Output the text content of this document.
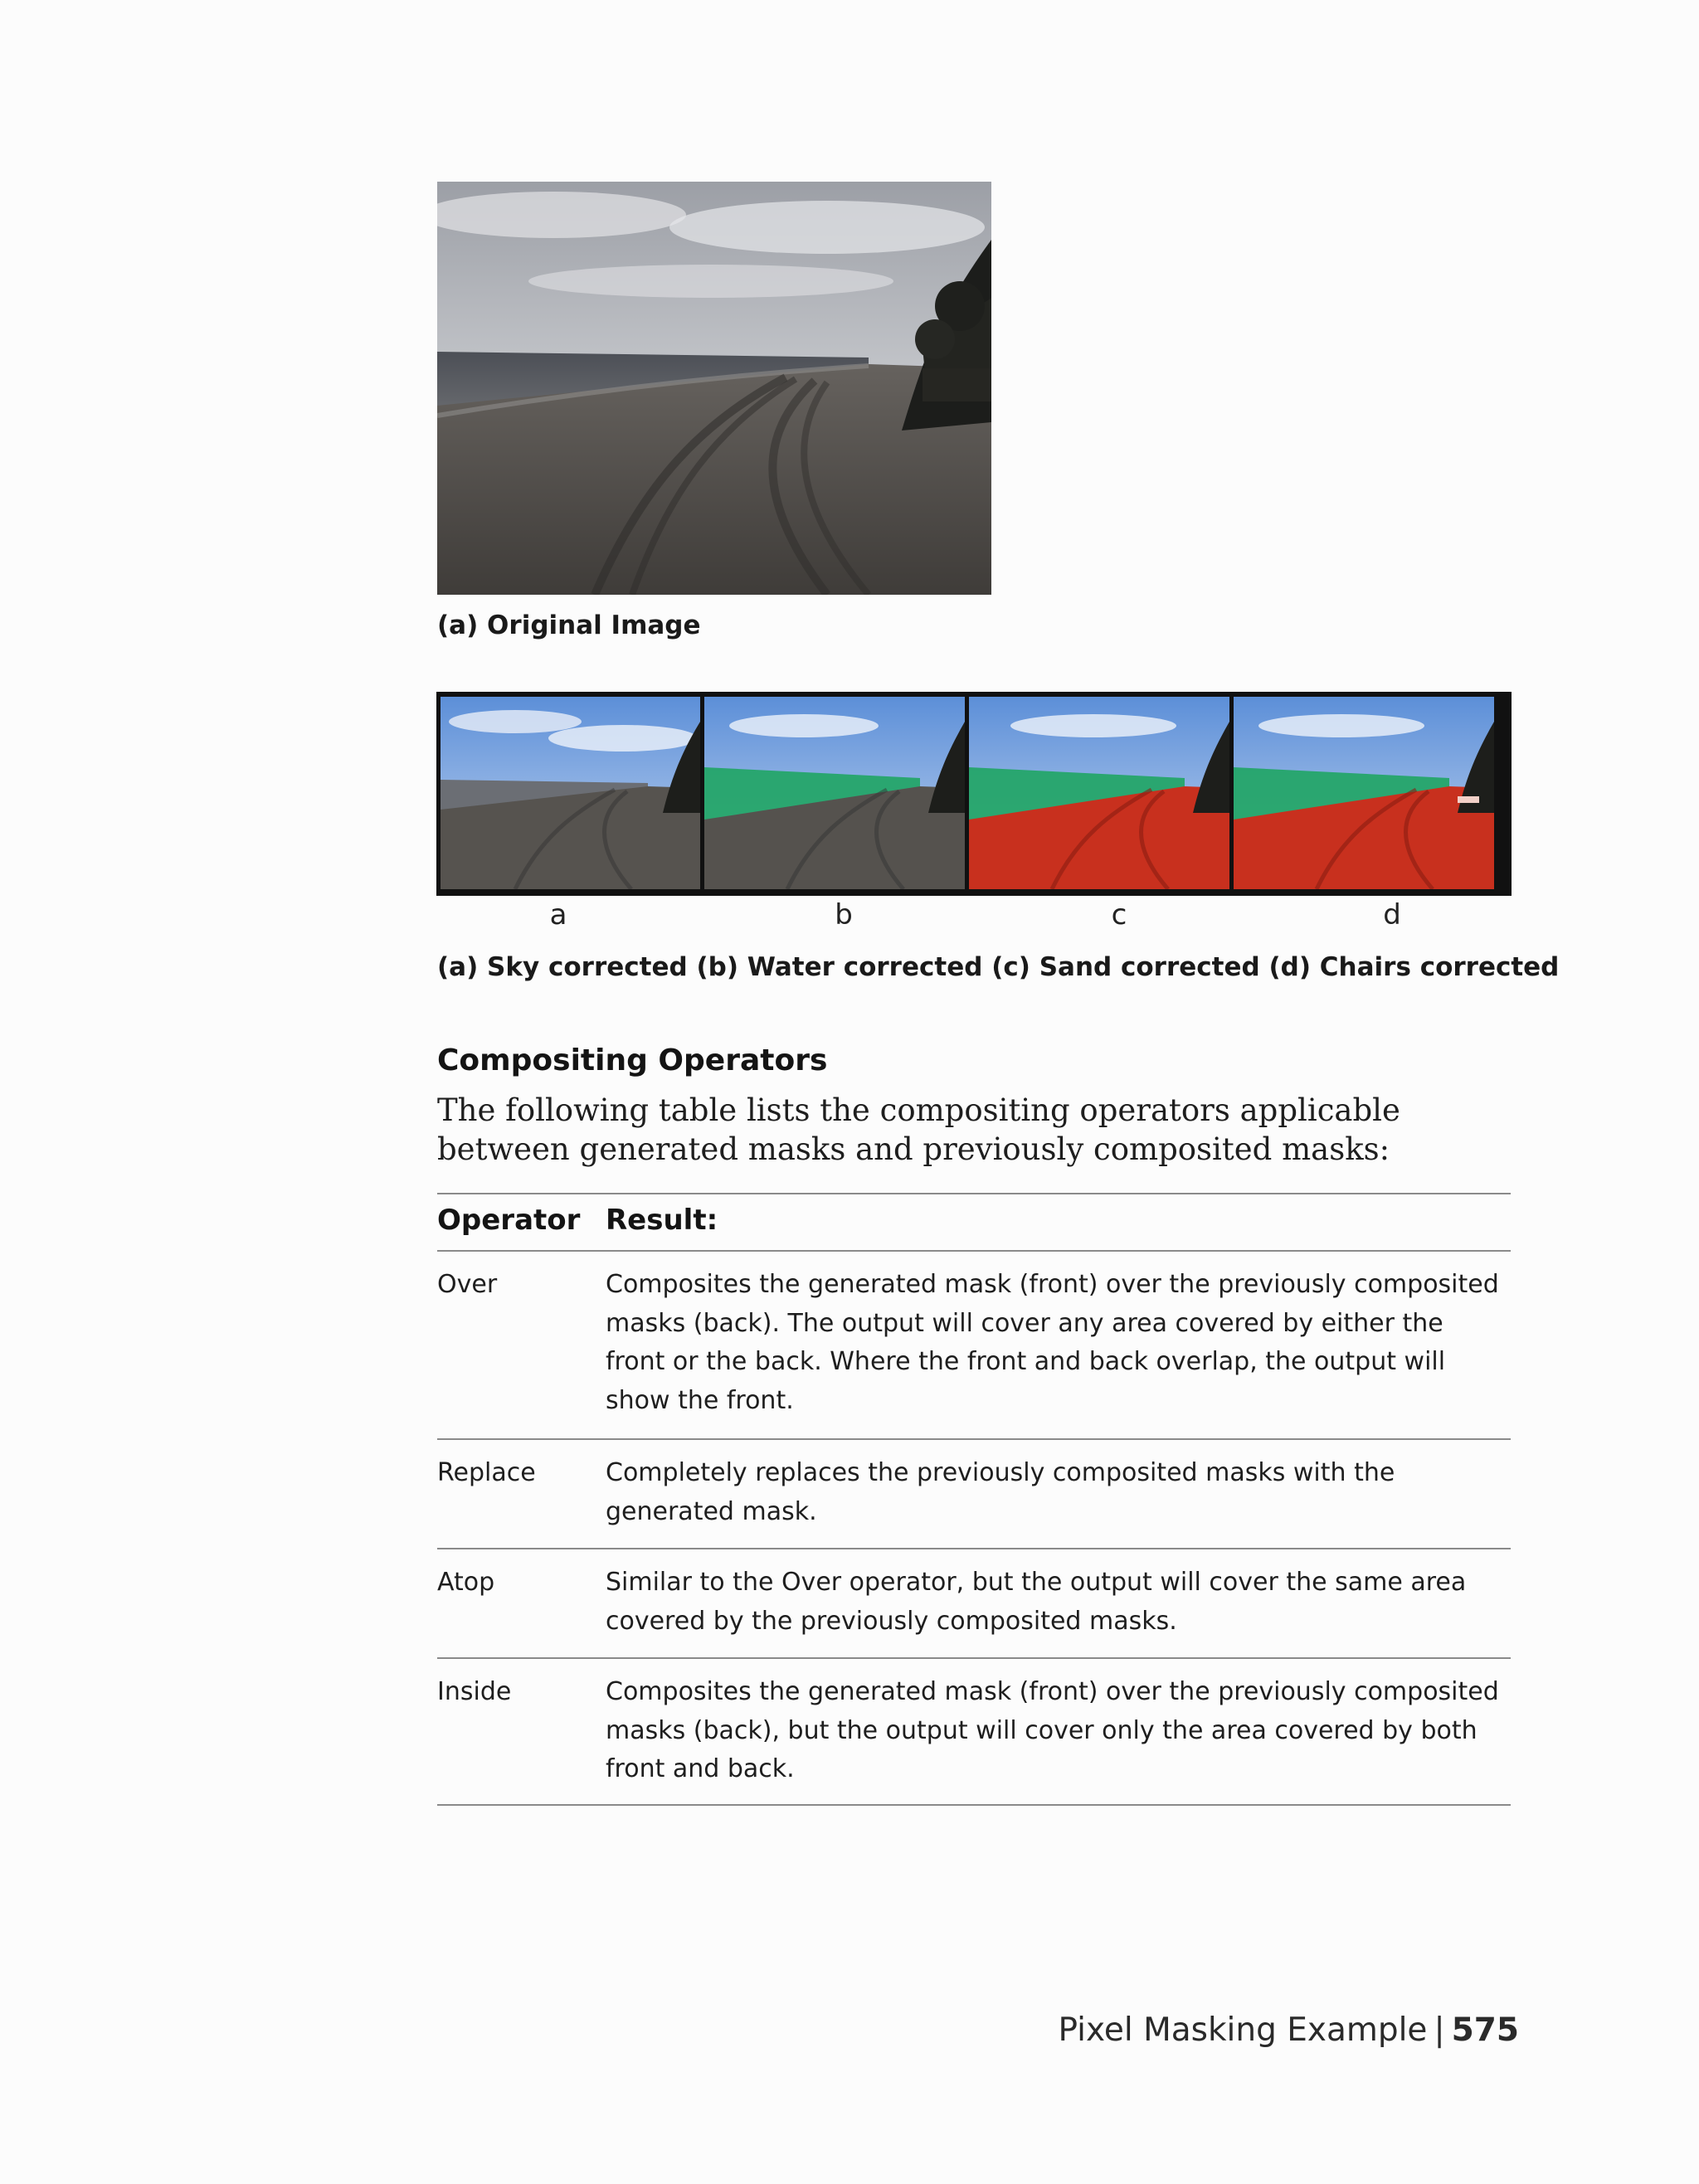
(a) Original Image
a	b	c	d
(a) Sky corrected (b) Water corrected (c) Sand corrected (d) Chairs corrected
Compositing Operators
The following table lists the compositing operators applicable between generated masks and previously composited masks:
Operator Result:
Over	Composites the generated mask (front) over the previously composited masks (back). The output will cover any area covered by either the front or the back. Where the front and back overlap, the output will show the front.
Replace	Completely replaces the previously composited masks with the generated mask.
Atop	Similar to the Over operator, but the output will cover the same area covered by the previously composited masks.
Inside	Composites the generated mask (front) over the previously composited masks (back), but the output will cover only the area covered by both front and back.
Pixel Masking Example | 575
